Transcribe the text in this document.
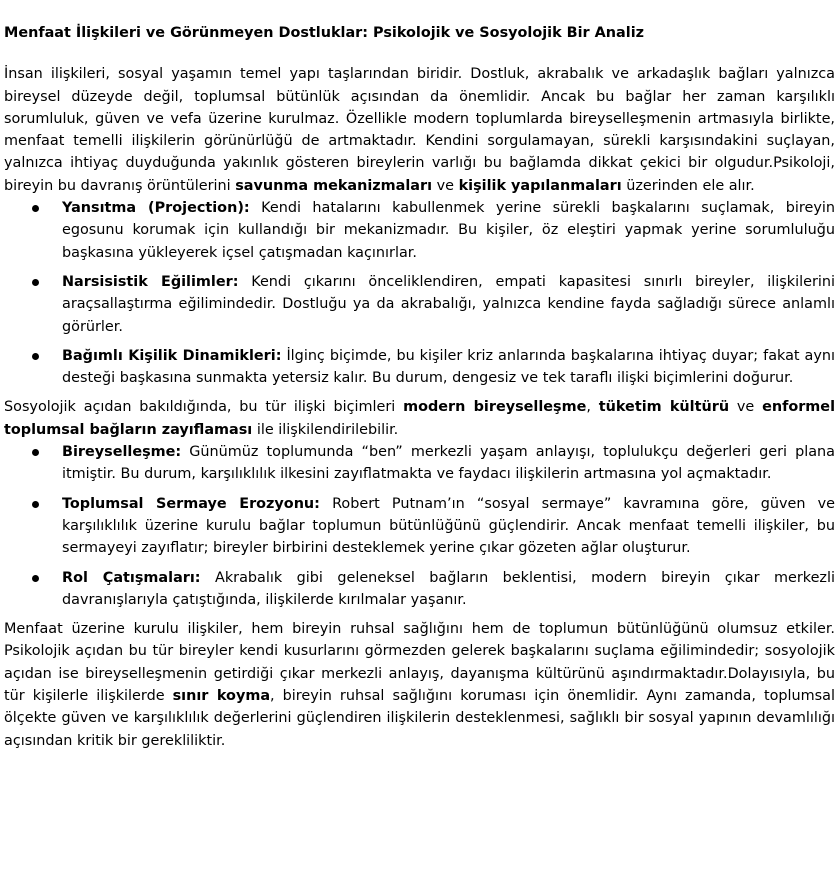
Menfaat İlişkileri ve Görünmeyen Dostluklar: Psikolojik ve Sosyolojik Bir Analiz

İnsan ilişkileri, sosyal yaşamın temel yapı taşlarından biridir. Dostluk, akrabalık ve arkadaşlık bağları yalnızca bireysel düzeyde değil, toplumsal bütünlük açısından da önemlidir. Ancak bu bağlar her zaman karşılıklı sorumluluk, güven ve vefa üzerine kurulmaz. Özellikle modern toplumlarda bireyselleşmenin artmasıyla birlikte, menfaat temelli ilişkilerin görünürlüğü de artmaktadır. Kendini sorgulamayan, sürekli karşısındakini suçlayan, yalnızca ihtiyaç duyduğunda yakınlık gösteren bireylerin varlığı bu bağlamda dikkat çekici bir olgudur.Psikoloji, bireyin bu davranış örüntülerini savunma mekanizmaları ve kişilik yapılanmaları üzerinden ele alır.

Yansıtma (Projection): Kendi hatalarını kabullenmek yerine sürekli başkalarını suçlamak, bireyin egosunu korumak için kullandığı bir mekanizmadır. Bu kişiler, öz eleştiri yapmak yerine sorumluluğu başkasına yükleyerek içsel çatışmadan kaçınırlar.
Narsisistik Eğilimler: Kendi çıkarını önceliklendiren, empati kapasitesi sınırlı bireyler, ilişkilerini araçsallaştırma eğilimindedir. Dostluğu ya da akrabalığı, yalnızca kendine fayda sağladığı sürece anlamlı görürler.
Bağımlı Kişilik Dinamikleri: İlginç biçimde, bu kişiler kriz anlarında başkalarına ihtiyaç duyar; fakat aynı desteği başkasına sunmakta yetersiz kalır. Bu durum, dengesiz ve tek taraflı ilişki biçimlerini doğurur.

Sosyolojik açıdan bakıldığında, bu tür ilişki biçimleri modern bireyselleşme, tüketim kültürü ve enformel toplumsal bağların zayıflaması ile ilişkilendirilebilir.

Bireyselleşme: Günümüz toplumunda “ben” merkezli yaşam anlayışı, toplulukçu değerleri geri plana itmiştir. Bu durum, karşılıklılık ilkesini zayıflatmakta ve faydacı ilişkilerin artmasına yol açmaktadır.
Toplumsal Sermaye Erozyonu: Robert Putnam’ın “sosyal sermaye” kavramına göre, güven ve karşılıklılık üzerine kurulu bağlar toplumun bütünlüğünü güçlendirir. Ancak menfaat temelli ilişkiler, bu sermayeyi zayıflatır; bireyler birbirini desteklemek yerine çıkar gözeten ağlar oluşturur.
Rol Çatışmaları: Akrabalık gibi geleneksel bağların beklentisi, modern bireyin çıkar merkezli davranışlarıyla çatıştığında, ilişkilerde kırılmalar yaşanır.

Menfaat üzerine kurulu ilişkiler, hem bireyin ruhsal sağlığını hem de toplumun bütünlüğünü olumsuz etkiler. Psikolojik açıdan bu tür bireyler kendi kusurlarını görmezden gelerek başkalarını suçlama eğilimindedir; sosyolojik açıdan ise bireyselleşmenin getirdiği çıkar merkezli anlayış, dayanışma kültürünü aşındırmaktadır.Dolayısıyla, bu tür kişilerle ilişkilerde sınır koyma, bireyin ruhsal sağlığını koruması için önemlidir. Aynı zamanda, toplumsal ölçekte güven ve karşılıklılık değerlerini güçlendiren ilişkilerin desteklenmesi, sağlıklı bir sosyal yapının devamlılığı açısından kritik bir gerekliliktir.
